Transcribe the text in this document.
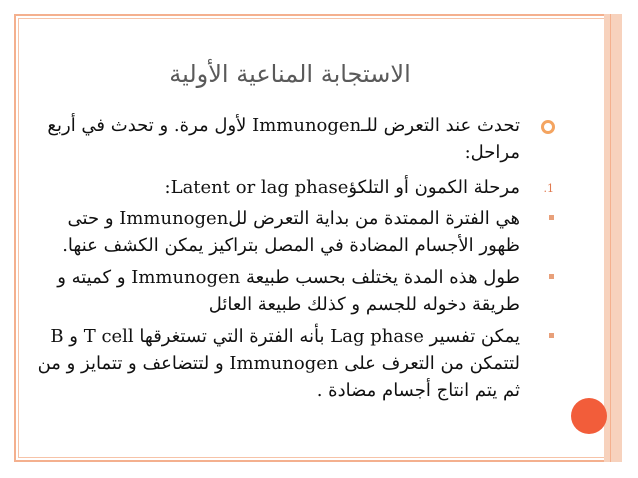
الاستجابة المناعية الأولية
تحدث عند التعرض للـImmunogen لأول مرة. و تحدث في أربع مراحل:
1.
مرحلة الكمون أو التلكؤLatent or lag phase:
هي الفترة الممتدة من بداية التعرض للImmunogen و حتى ظهور الأجسام المضادة في المصل بتراكيز يمكن الكشف عنها.
طول هذه المدة يختلف بحسب طبيعة Immunogen و كميته و طريقة دخوله للجسم و كذلك طبيعة العائل
يمكن تفسير Lag phase بأنه الفترة التي تستغرقها T cell و B لتتمكن من التعرف على Immunogen و لتتضاعف و تتمايز و من ثم يتم انتاج أجسام مضادة .
